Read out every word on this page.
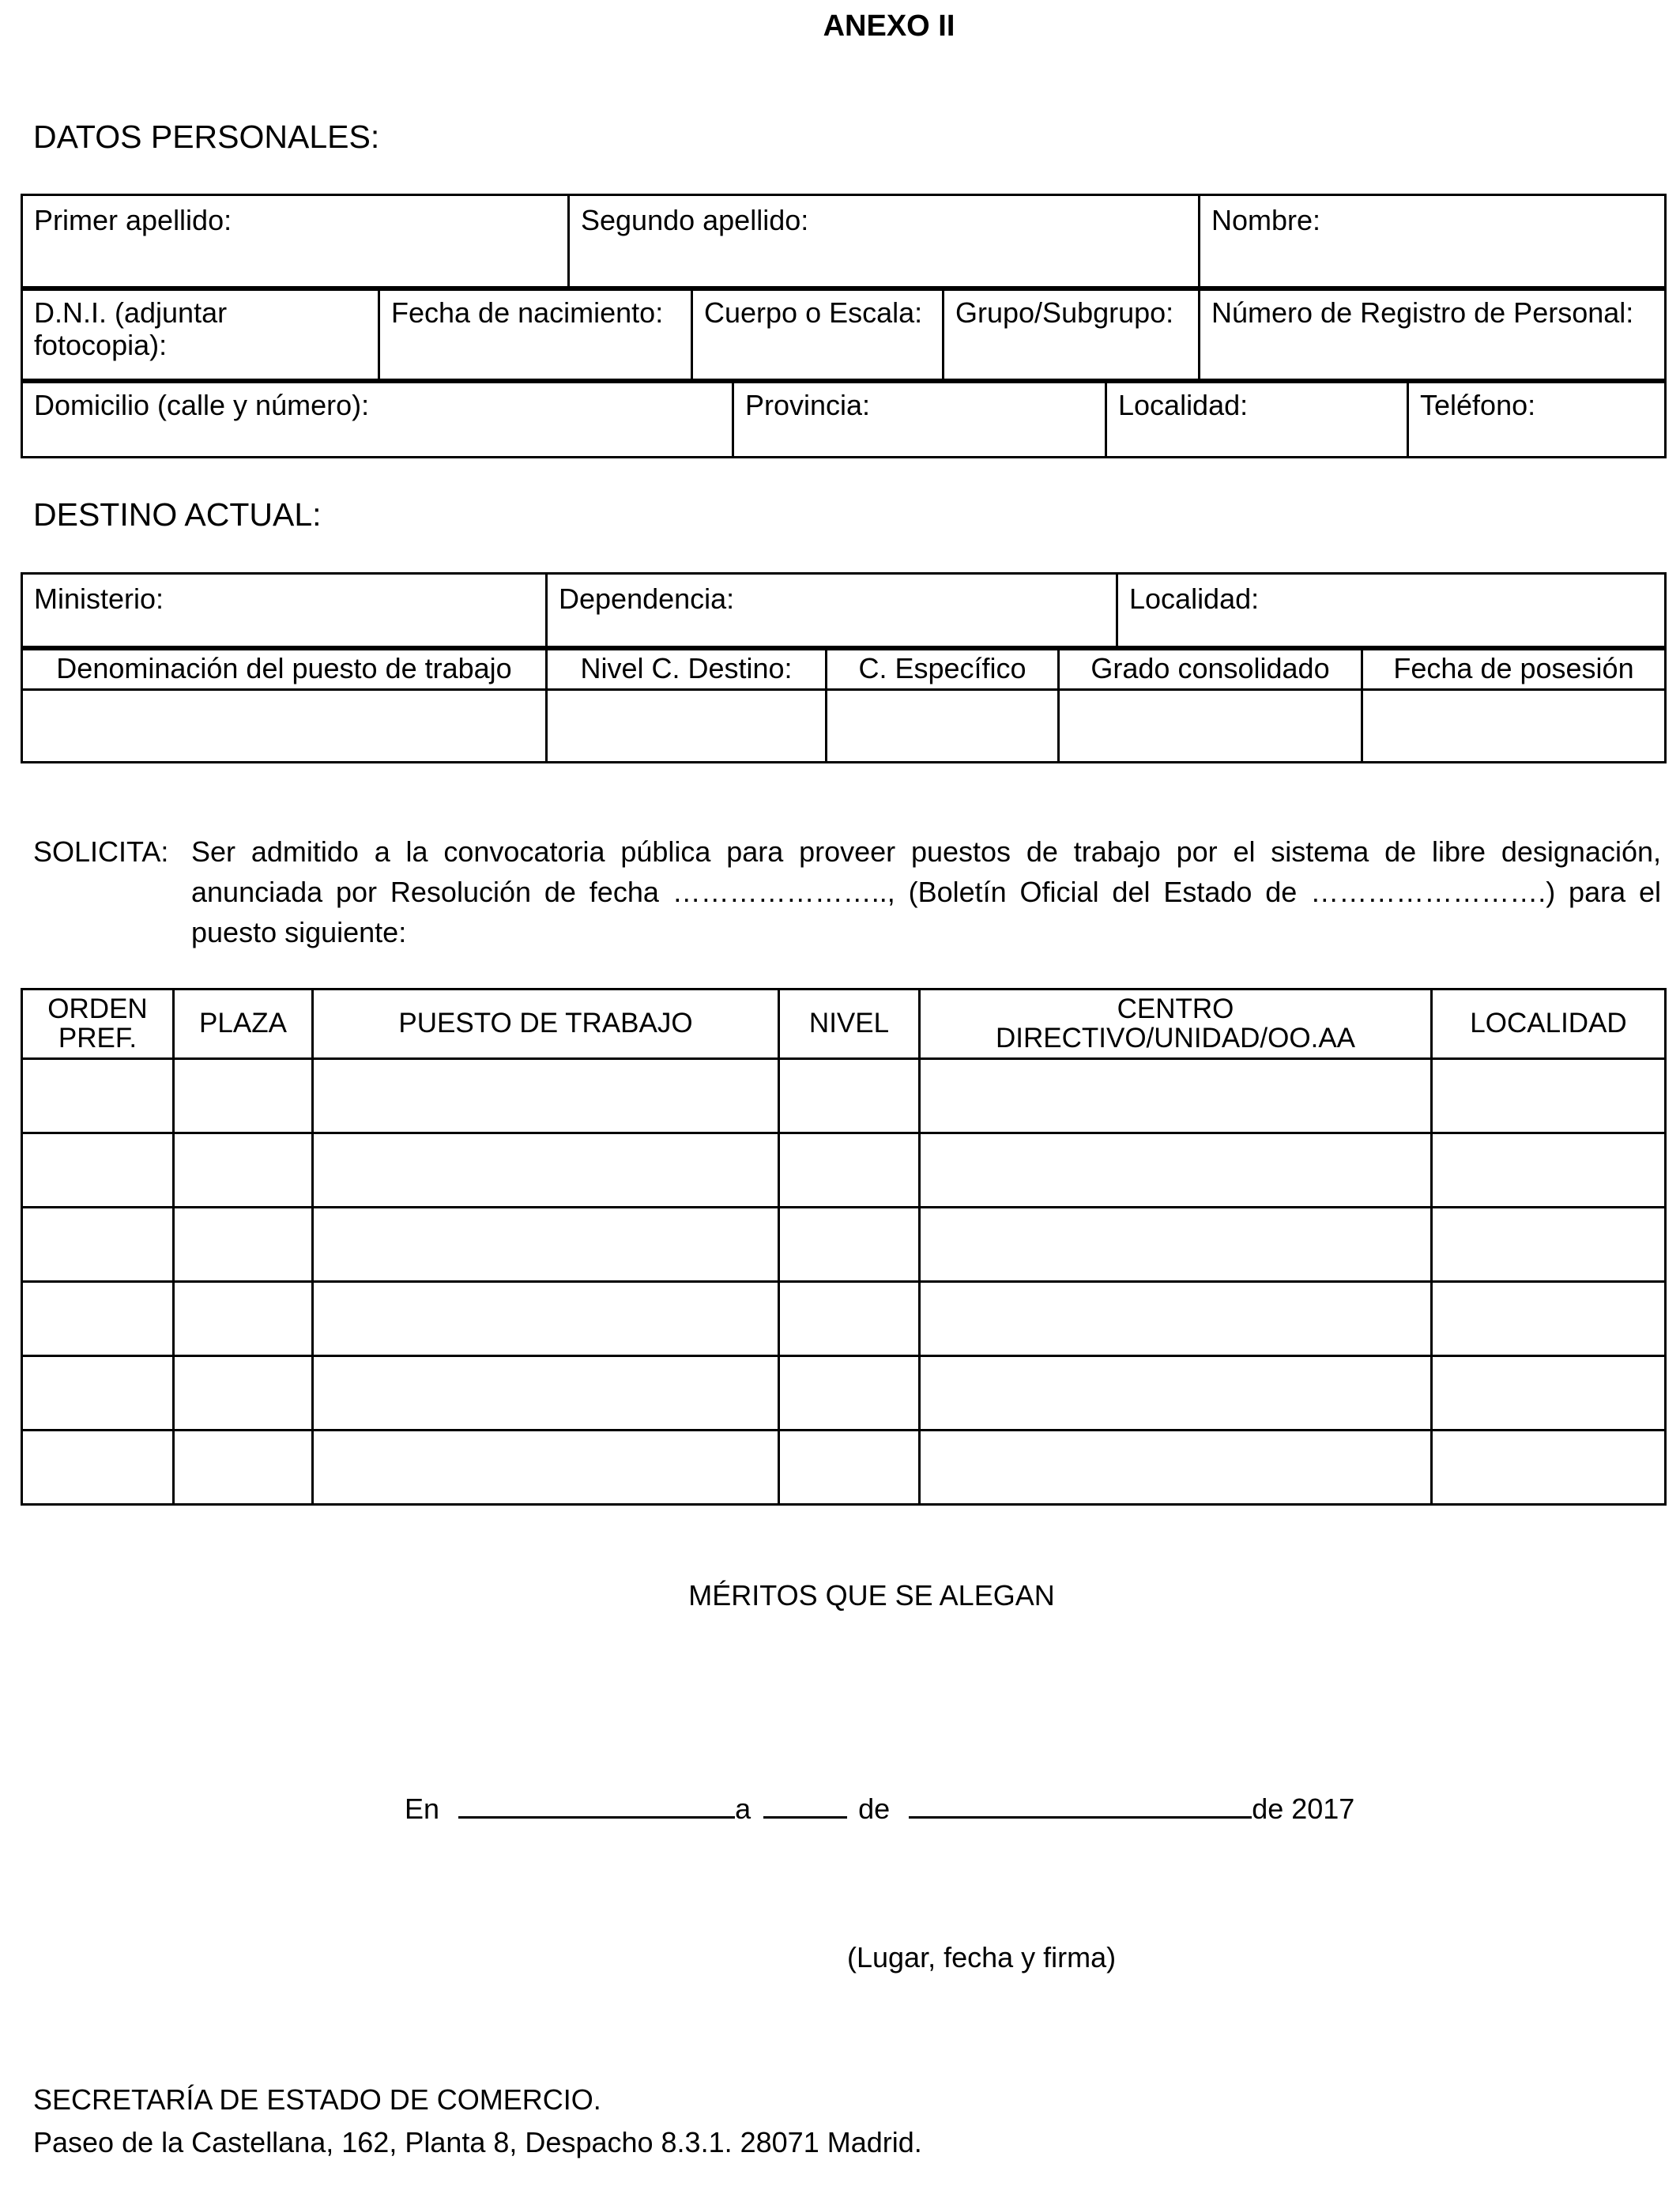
ANEXO II
DATOS PERSONALES:
Primer apellido:	Segundo apellido:	Nombre:
D.N.I. (adjuntar fotocopia):	Fecha de nacimiento:	Cuerpo o Escala:	Grupo/Subgrupo:	Número de Registro de Personal:
Domicilio (calle y número):	Provincia:	Localidad:	Teléfono:
DESTINO ACTUAL:
Ministerio:	Dependencia:	Localidad:
Denominación del puesto de trabajo	Nivel C. Destino:	C. Específico	Grado consolidado	Fecha de posesión

SOLICITA: Ser admitido a la convocatoria pública para proveer puestos de trabajo por el sistema de libre designación, anunciada por Resolución de fecha ………………….., (Boletín Oficial del Estado de …………………….) para el puesto siguiente:
ORDEN PREF.	PLAZA	PUESTO DE TRABAJO	NIVEL	CENTRO DIRECTIVO/UNIDAD/OO.AA	LOCALIDAD

MÉRITOS QUE SE ALEGAN
En	a	de	de 2017
(Lugar, fecha y firma)
SECRETARÍA DE ESTADO DE COMERCIO.
Paseo de la Castellana, 162, Planta 8, Despacho 8.3.1. 28071 Madrid.
